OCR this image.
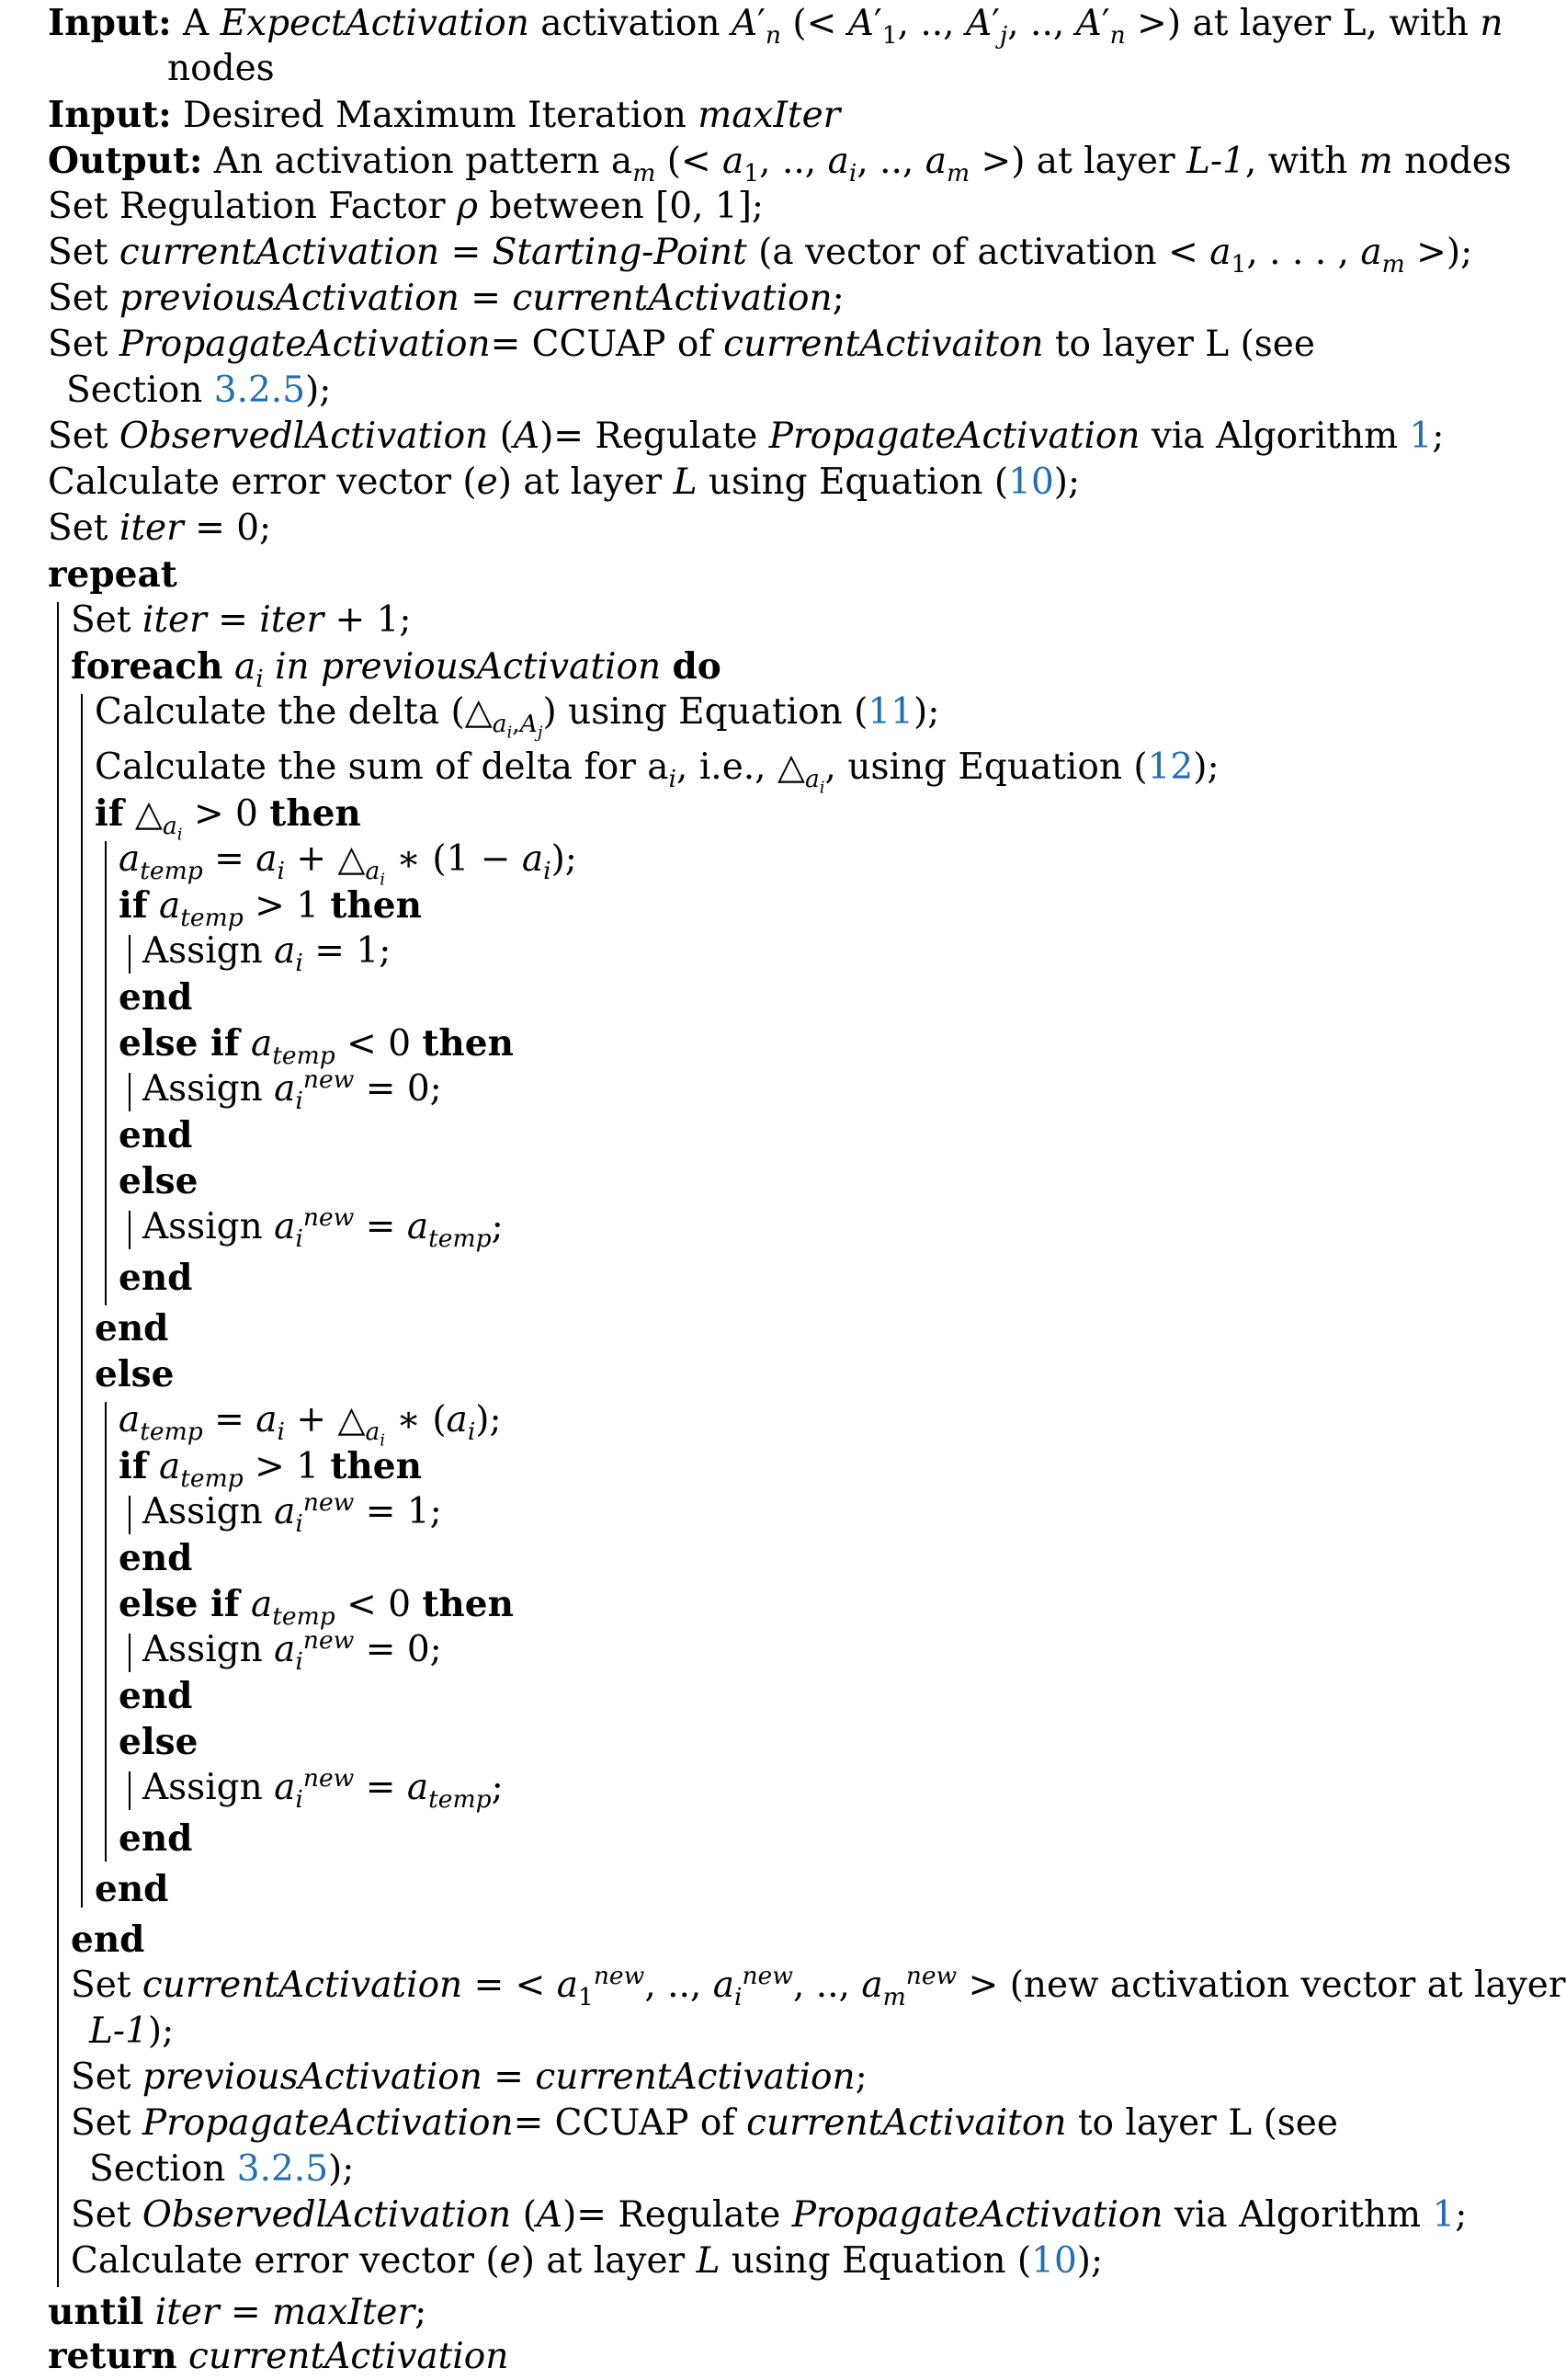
Input: A ExpectActivation activation $A'_n$ (< $A'_1$, .., $A'_j$, .., $A'_n$ >) at layer L, with n
nodes
Input: Desired Maximum Iteration maxIter
Output: An activation pattern $a_m$ (< $a_1$, .., $a_i$, .., $a_m$ >) at layer L-1, with m nodes
Set Regulation Factor ρ between [0, 1];
Set currentActivation = Starting-Point (a vector of activation < $a_1$, . . . , $a_m$ >);
Set previousActivation = currentActivation;
Set PropagateActivation= CCUAP of currentActivaiton to layer L (see
Section 3.2.5);
Set ObservedlActivation (A)= Regulate PropagateActivation via Algorithm 1;
Calculate error vector (e) at layer L using Equation (10);
Set iter = 0;
repeat
Set iter = iter + 1;
foreach $a_i$ in previousActivation do
Calculate the delta $(\triangle_{a_i,A_j})$ using Equation (11);
Calculate the sum of delta for $a_i$, i.e., $\triangle_{a_i}$, using Equation (12);
if $\triangle_{a_i} > 0$ then
$a_{temp} = a_i$ + $\triangle_{a_i}$ ∗ $(1 - a_i)$;
if $a_{temp} > 1$ then
Assign $a_i = 1$;
end
else if $a_{temp} < 0$ then
Assign $a_i^{new} = 0$;
end
else
Assign $a_i^{new} = a_{temp}$;
end
end
else
$a_{temp} = a_i$ + $\triangle_{a_i}$ ∗ $(a_i)$;
if $a_{temp} > 1$ then
Assign $a_i^{new} = 1$;
end
else if $a_{temp} < 0$ then
Assign $a_i^{new} = 0$;
end
else
Assign $a_i^{new} = a_{temp}$;
end
end
end
Set currentActivation = < $a_1^{new}$, .., $a_i^{new}$, .., $a_m^{new} > (new$ activation vector at layer
L-1);
Set previousActivation = currentActivation;
Set PropagateActivation= CCUAP of currentActivaiton to layer L (see
Section 3.2.5);
Set ObservedlActivation (A)= Regulate PropagateActivation via Algorithm 1;
Calculate error vector (e) at layer L using Equation (10);
until iter = maxIter;
return currentActivation
